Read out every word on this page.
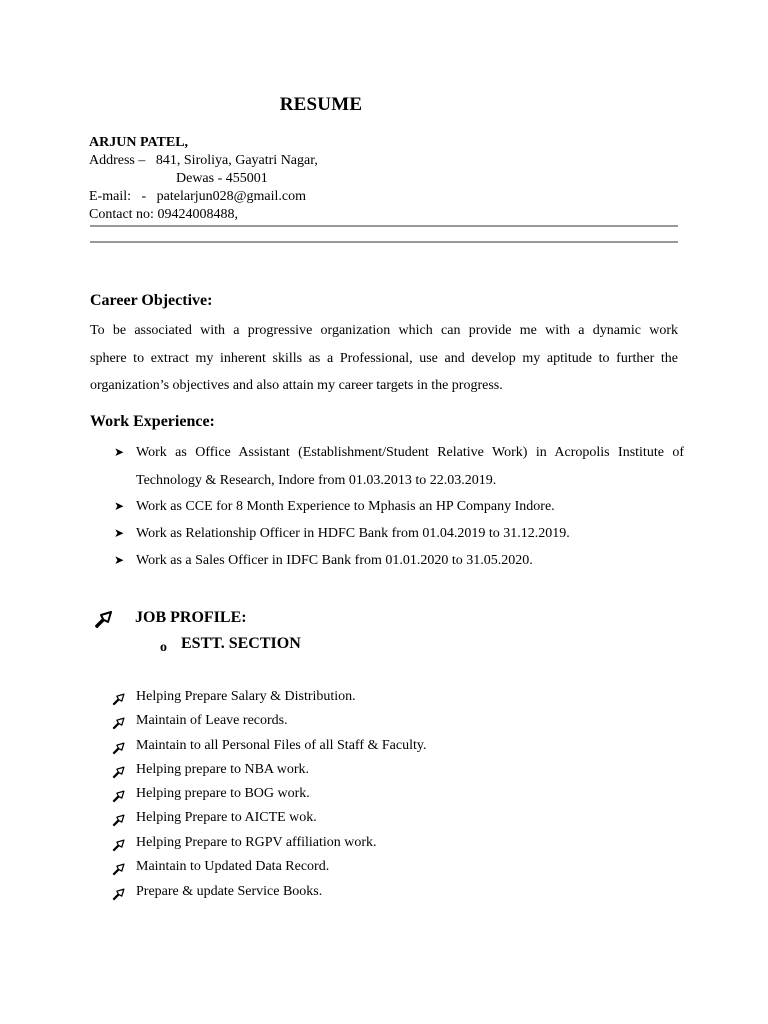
RESUME
ARJUN PATEL,
Address – 841, Siroliya, Gayatri Nagar,
Dewas - 455001
E-mail:   - patelarjun028@gmail.com
Contact no: 09424008488,
Career Objective:
To be associated with a progressive organization which can provide me with a dynamic work
sphere to extract my inherent skills as a Professional, use and develop my aptitude to further the
organization’s objectives and also attain my career targets in the progress.
Work Experience:
➤ Work as Office Assistant (Establishment/Student Relative Work) in Acropolis Institute of
Technology & Research, Indore from 01.03.2013 to 22.03.2019.
➤ Work as CCE for 8 Month Experience to Mphasis an HP Company Indore.
➤ Work as Relationship Officer in HDFC Bank from 01.04.2019 to 31.12.2019.
➤ Work as a Sales Officer in IDFC Bank from 01.01.2020 to 31.05.2020.
JOB PROFILE:
o ESTT. SECTION
Helping Prepare Salary & Distribution.
Maintain of Leave records.
Maintain to all Personal Files of all Staff & Faculty.
Helping prepare to NBA work.
Helping prepare to BOG work.
Helping Prepare to AICTE wok.
Helping Prepare to RGPV affiliation work.
Maintain to Updated Data Record.
Prepare & update Service Books.
